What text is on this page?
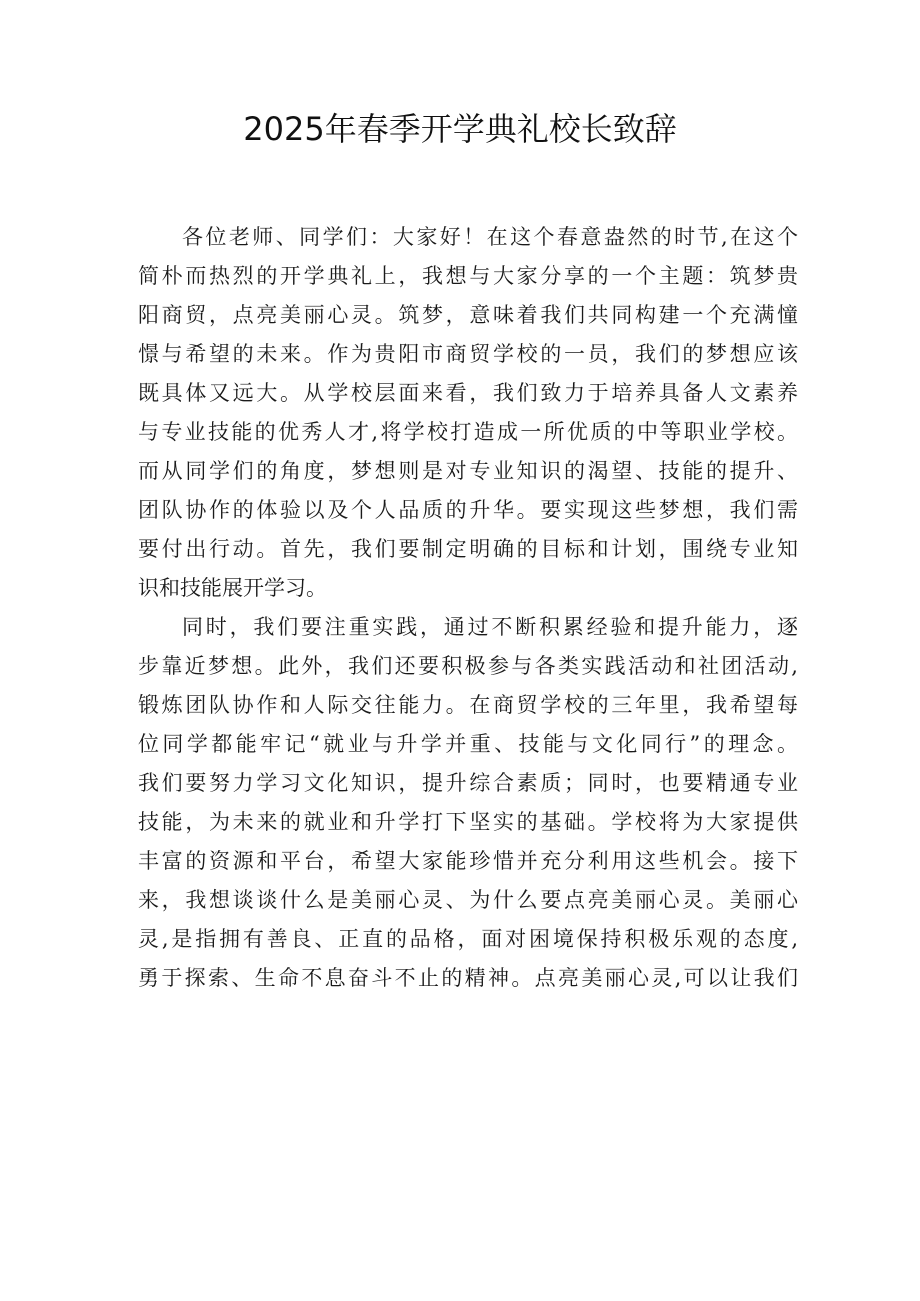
2025年春季开学典礼校长致辞

各位老师、同学们：大家好！在这个春意盎然的时节,在这个
简朴而热烈的开学典礼上，我想与大家分享的一个主题：筑梦贵
阳商贸，点亮美丽心灵。筑梦，意味着我们共同构建一个充满憧
憬与希望的未来。作为贵阳市商贸学校的一员，我们的梦想应该
既具体又远大。从学校层面来看，我们致力于培养具备人文素养
与专业技能的优秀人才,将学校打造成一所优质的中等职业学校。
而从同学们的角度，梦想则是对专业知识的渴望、技能的提升、
团队协作的体验以及个人品质的升华。要实现这些梦想，我们需
要付出行动。首先，我们要制定明确的目标和计划，围绕专业知
识和技能展开学习。

同时，我们要注重实践，通过不断积累经验和提升能力，逐
步靠近梦想。此外，我们还要积极参与各类实践活动和社团活动,
锻炼团队协作和人际交往能力。在商贸学校的三年里，我希望每
位同学都能牢记“就业与升学并重、技能与文化同行”的理念。
我们要努力学习文化知识，提升综合素质；同时，也要精通专业
技能，为未来的就业和升学打下坚实的基础。学校将为大家提供
丰富的资源和平台，希望大家能珍惜并充分利用这些机会。接下
来，我想谈谈什么是美丽心灵、为什么要点亮美丽心灵。美丽心
灵,是指拥有善良、正直的品格，面对困境保持积极乐观的态度,
勇于探索、生命不息奋斗不止的精神。点亮美丽心灵,可以让我们
